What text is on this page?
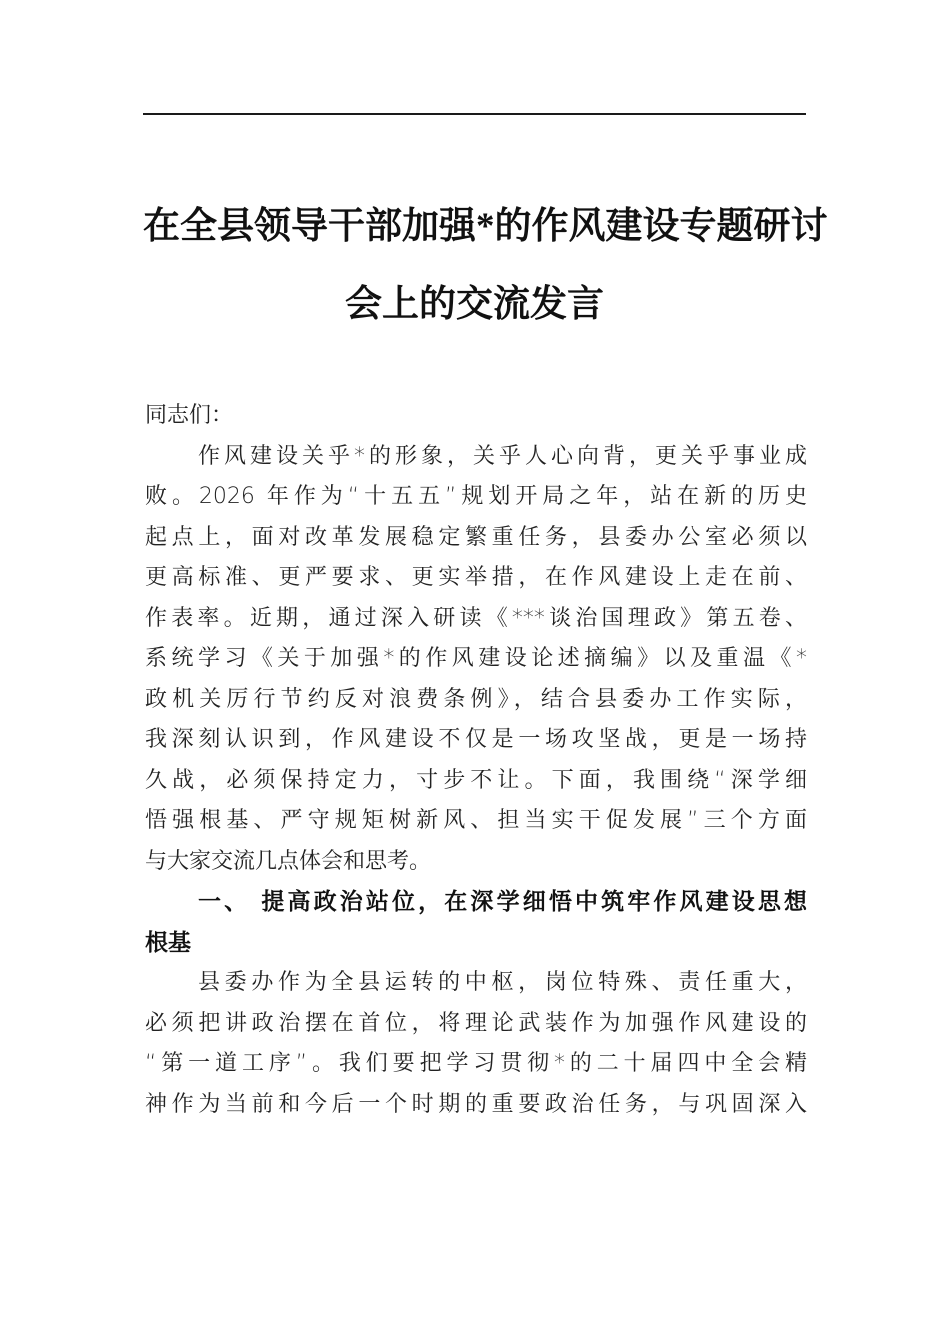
在全县领导干部加强*的作风建设专题研讨
会上的交流发言
同志们：
作风建设关乎*的形象，关乎人心向背，更关乎事业成
败。2026 年作为“十五五”规划开局之年，站在新的历史
起点上，面对改革发展稳定繁重任务，县委办公室必须以
更高标准、更严要求、更实举措，在作风建设上走在前、
作表率。近期，通过深入研读《***谈治国理政》第五卷、
系统学习《关于加强*的作风建设论述摘编》以及重温《*
政机关厉行节约反对浪费条例》，结合县委办工作实际，
我深刻认识到，作风建设不仅是一场攻坚战，更是一场持
久战，必须保持定力，寸步不让。下面，我围绕“深学细
悟强根基、严守规矩树新风、担当实干促发展”三个方面
与大家交流几点体会和思考。
一、 提高政治站位，在深学细悟中筑牢作风建设思想
根基
县委办作为全县运转的中枢，岗位特殊、责任重大，
必须把讲政治摆在首位，将理论武装作为加强作风建设的
“第一道工序”。我们要把学习贯彻*的二十届四中全会精
神作为当前和今后一个时期的重要政治任务，与巩固深入
